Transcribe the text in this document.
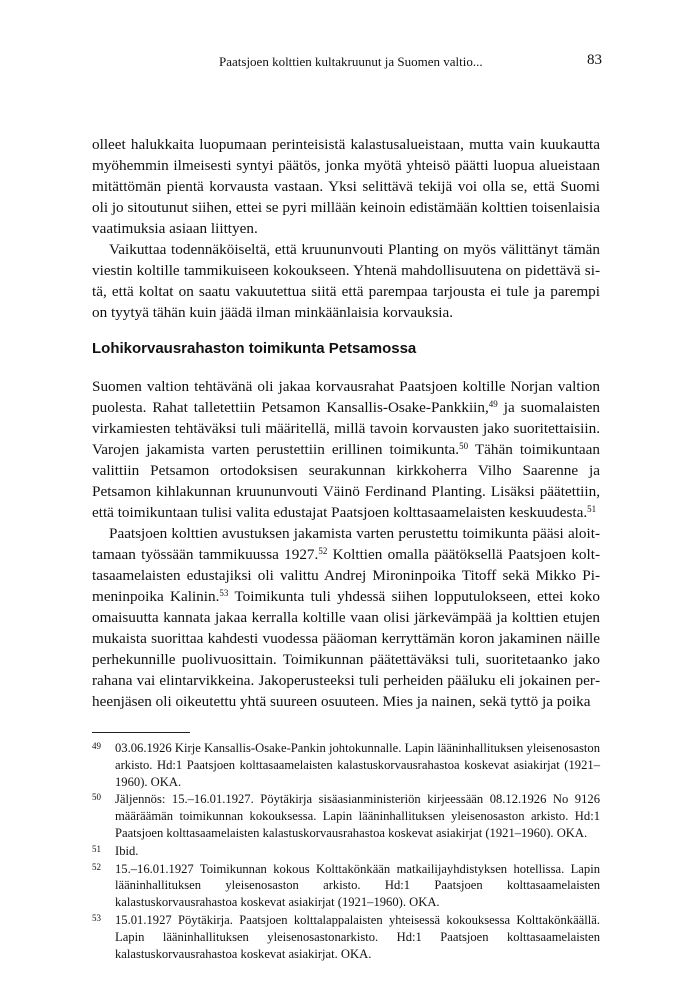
Paatsjoen kolttien kultakruunut ja Suomen valtio...	83

olleet halukkaita luopumaan perinteisistä kalastusalueistaan, mutta vain kuukautta myöhemmin ilmeisesti syntyi päätös, jonka myötä yhteisö päätti luopua alueistaan mitättömän pientä korvausta vastaan. Yksi selittävä tekijä voi olla se, että Suomi oli jo sitoutunut siihen, ettei se pyri millään keinoin edistämään kolttien toisenlaisia vaatimuksia asiaan liittyen.

Vaikuttaa todennäköiseltä, että kruununvouti Planting on myös välittänyt tämän viestin koltille tammikuiseen kokoukseen. Yhtenä mahdollisuutena on pidettävä sitä, että koltat on saatu vakuutettua siitä että parempaa tarjousta ei tule ja parempi on tyytyä tähän kuin jäädä ilman minkäänlaisia korvauksia.

Lohikorvausrahaston toimikunta Petsamossa

Suomen valtion tehtävänä oli jakaa korvausrahat Paatsjoen koltille Norjan valtion puolesta. Rahat talletettiin Petsamon Kansallis-Osake-Pankkiin,$^{49}$ ja suomalaisten virkamiesten tehtäväksi tuli määritellä, millä tavoin korvausten jako suoritettaisiin. Varojen jakamista varten perustettiin erillinen toimikunta.$^{50}$ Tähän toimikuntaan valittiin Petsamon ortodoksisen seurakunnan kirkkoherra Vilho Saarenne ja Petsamon kihlakunnan kruununvouti Väinö Ferdinand Planting. Lisäksi päätettiin, että toimikuntaan tulisi valita edustajat Paatsjoen kolttasaamelaisten keskuudesta.$^{51}$

Paatsjoen kolttien avustuksen jakamista varten perustettu toimikunta pääsi aloittamaan työssään tammikuussa 1927.52 Kolttien omalla päätöksellä Paatsjoen kolttasaamelaisten edustajiksi oli valittu Andrej Mironinpoika Titoff sekä Mikko Pimeninpoika Kalinin.$^{53}$ Toimikunta tuli yhdessä siihen lopputulokseen, ettei koko omaisuutta kannata jakaa kerralla koltille vaan olisi järkevämpää ja kolttien etujen mukaista suorittaa kahdesti vuodessa pääoman kerryttämän koron jakaminen näille perhekunnille puolivuosittain. Toimikunnan päätettäväksi tuli, suoritetaanko jako rahana vai elintarvikkeina. Jakoperusteeksi tuli perheiden pääluku eli jokainen perheenjäsen oli oikeutettu yhtä suureen osuuteen. Mies ja nainen, sekä tyttö ja poika

49 03.06.1926 Kirje Kansallis-Osake-Pankin johtokunnalle. Lapin lääninhallituksen yleisenosaston arkisto. Hd:1 Paatsjoen kolttasaamelaisten kalastuskorvausrahastoa koskevat asiakirjat (1921–1960). OKA.
50 Jäljennös: 15.–16.01.1927. Pöytäkirja sisäasianministeriön kirjeessään 08.12.1926 No 9126 määräämän toimikunnan kokouksessa. Lapin lääninhallituksen yleisenosaston arkisto. Hd:1 Paatsjoen kolttasaamelaisten kalastuskorvausrahastoa koskevat asiakirjat (1921–1960). OKA.
51 Ibid.
52 15.–16.01.1927 Toimikunnan kokous Kolttakönkään matkailijayhdistyksen hotellissa. Lapin lääninhallituksen yleisenosaston arkisto. Hd:1 Paatsjoen kolttasaamelaisten kalastuskorvausrahastoa koskevat asiakirjat (1921–1960). OKA.
53 15.01.1927 Pöytäkirja. Paatsjoen kolttalappalaisten yhteisessä kokouksessa Kolttakönkäällä. Lapin lääninhallituksen yleisenosastonarkisto. Hd:1 Paatsjoen kolttasaamelaisten kalastuskorvausrahastoa koskevat asiakirjat. OKA.
